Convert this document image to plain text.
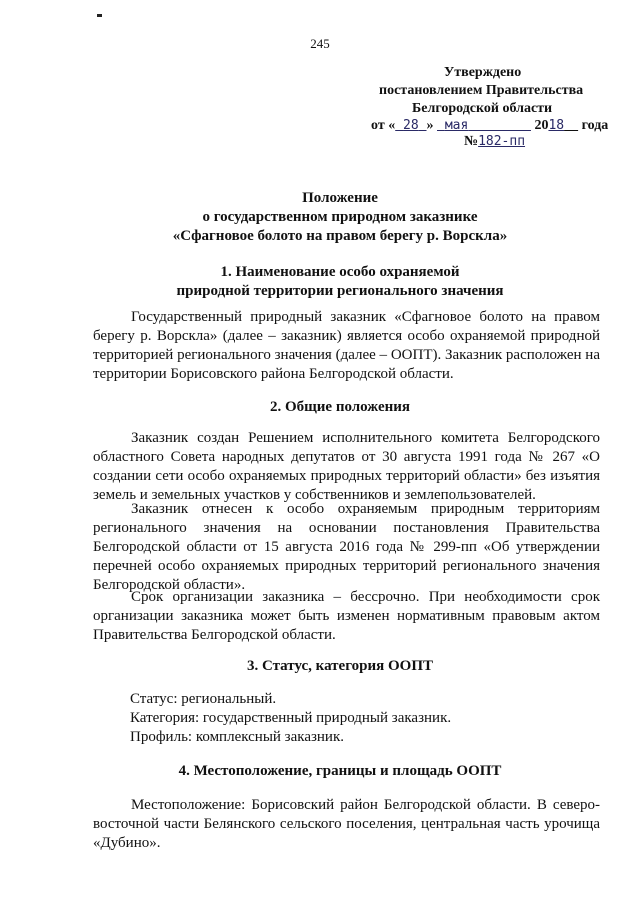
245
Утверждено
постановлением Правительства
Белгородской области
от « 28 » мая	2018 года
№182-пп
Положение
о государственном природном заказнике
«Сфагновое болото на правом берегу р. Ворскла»
1. Наименование особо охраняемой
природной территории регионального значения
Государственный природный заказник «Сфагновое болото на правом берегу р. Ворскла» (далее – заказник) является особо охраняемой природной территорией регионального значения (далее – ООПТ). Заказник расположен на территории Борисовского района Белгородской области.
2. Общие положения
Заказник создан Решением исполнительного комитета Белгородского областного Совета народных депутатов от 30 августа 1991 года № 267 «О создании сети особо охраняемых природных территорий области» без изъятия земель и земельных участков у собственников и землепользователей.
Заказник отнесен к особо охраняемым природным территориям регионального значения на основании постановления Правительства Белгородской области от 15 августа 2016 года № 299-пп «Об утверждении перечней особо охраняемых природных территорий регионального значения Белгородской области».
Срок организации заказника – бессрочно. При необходимости срок организации заказника может быть изменен нормативным правовым актом Правительства Белгородской области.
3. Статус, категория ООПТ
Статус: региональный.
Категория: государственный природный заказник.
Профиль: комплексный заказник.
4. Местоположение, границы и площадь ООПТ
Местоположение: Борисовский район Белгородской области. В северо-восточной части Белянского сельского поселения, центральная часть урочища «Дубино».
